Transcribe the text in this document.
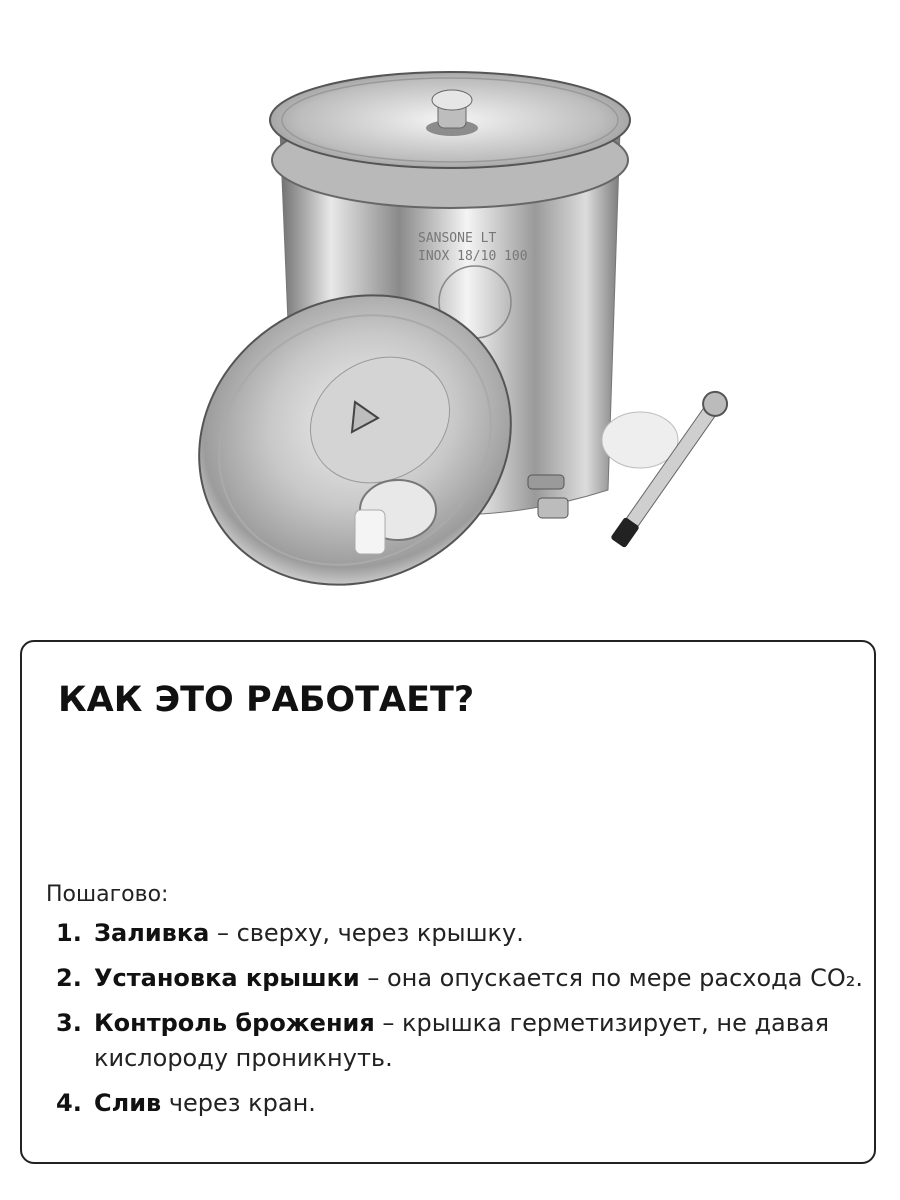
SANSONE LT
INOX 18/10 100
КАК ЭТО РАБОТАЕТ?
Пошагово:
1. Заливка – сверху, через крышку.
2. Установка крышки – она опускается по мере расхода CO₂.
3. Контроль брожения – крышка герметизирует, не давая кислороду проникнуть.
4. Слив через кран.
